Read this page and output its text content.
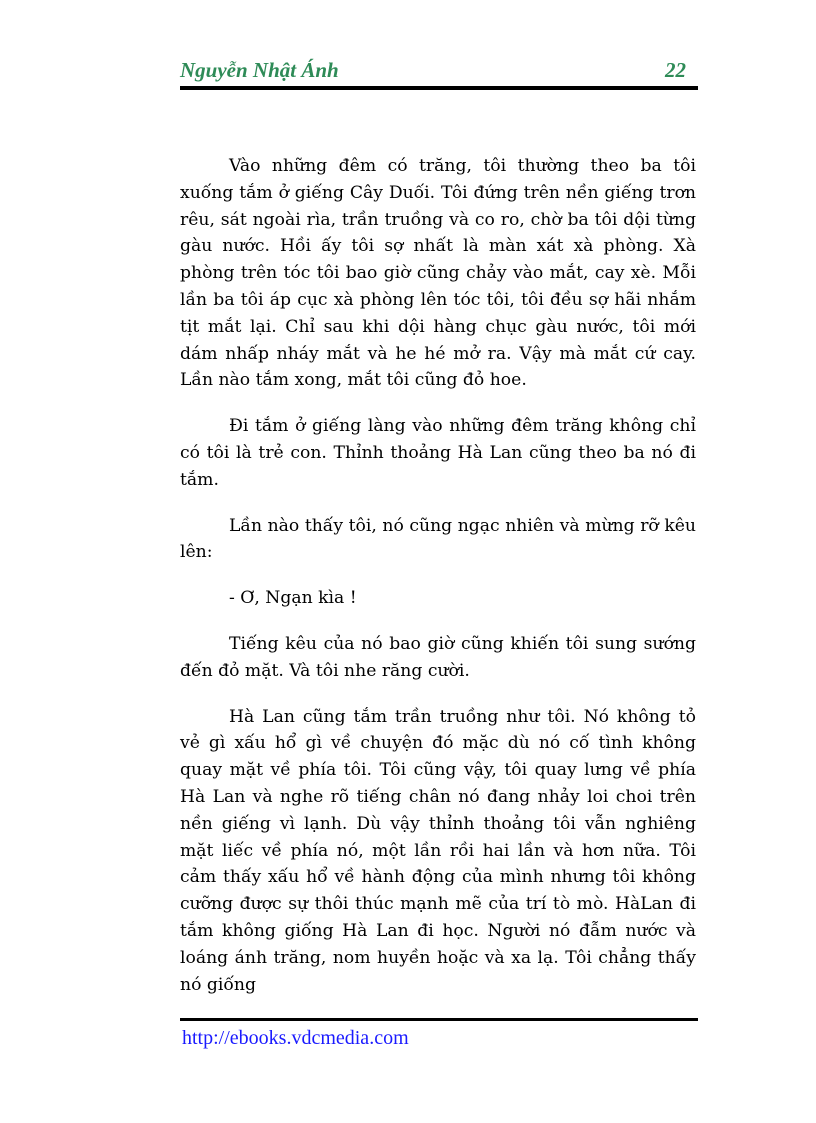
Nguyễn Nhật Ánh	22

Vào những đêm có trăng, tôi thường theo ba tôi xuống tắm ở giếng Cây Duối. Tôi đứng trên nền giếng trơn rêu, sát ngoài rìa, trần truồng và co ro, chờ ba tôi dội từng gàu nước. Hồi ấy tôi sợ nhất là màn xát xà phòng. Xà phòng trên tóc tôi bao giờ cũng chảy vào mắt, cay xè. Mỗi lần ba tôi áp cục xà phòng lên tóc tôi, tôi đều sợ hãi nhắm tịt mắt lại. Chỉ sau khi dội hàng chục gàu nước, tôi mới dám nhấp nháy mắt và he hé mở ra. Vậy mà mắt cứ cay. Lần nào tắm xong, mắt tôi cũng đỏ hoe.

Đi tắm ở giếng làng vào những đêm trăng không chỉ có tôi là trẻ con. Thỉnh thoảng Hà Lan cũng theo ba nó đi tắm.

Lần nào thấy tôi, nó cũng ngạc nhiên và mừng rỡ kêu lên:

- Ơ, Ngạn kìa !

Tiếng kêu của nó bao giờ cũng khiến tôi sung sướng đến đỏ mặt. Và tôi nhe răng cười.

Hà Lan cũng tắm trần truồng như tôi. Nó không tỏ vẻ gì xấu hổ gì về chuyện đó mặc dù nó cố tình không quay mặt về phía tôi. Tôi cũng vậy, tôi quay lưng về phía Hà Lan và nghe rõ tiếng chân nó đang nhảy loi choi trên nền giếng vì lạnh. Dù vậy thỉnh thoảng tôi vẫn nghiêng mặt liếc về phía nó, một lần rồi hai lần và hơn nữa. Tôi cảm thấy xấu hổ về hành động của mình nhưng tôi không cưỡng được sự thôi thúc mạnh mẽ của trí tò mò. HàLan đi tắm không giống Hà Lan đi học. Người nó đẫm nước và loáng ánh trăng, nom huyền hoặc và xa lạ. Tôi chẳng thấy nó giống

http://ebooks.vdcmedia.com
